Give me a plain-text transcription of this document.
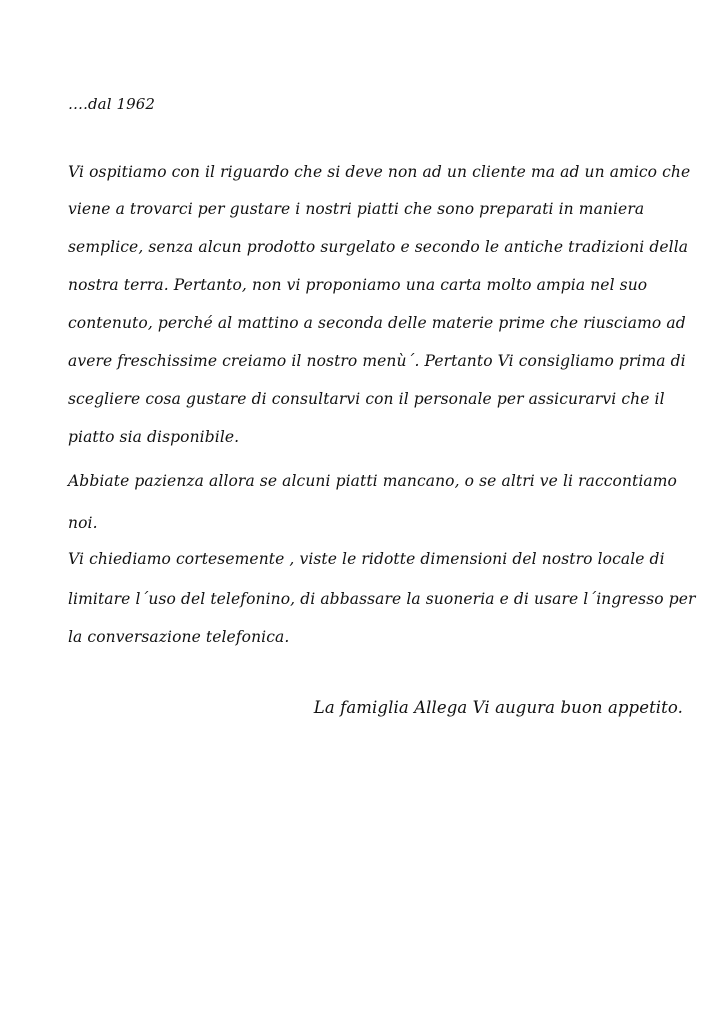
….dal 1962
Vi ospitiamo con il riguardo che si deve non ad un cliente ma ad un amico che
viene a trovarci per gustare i nostri piatti che sono preparati in maniera
semplice, senza alcun prodotto surgelato e secondo le antiche tradizioni della
nostra terra. Pertanto, non vi proponiamo una carta molto ampia nel suo
contenuto, perché al mattino a seconda delle materie prime che riusciamo ad
avere freschissime creiamo il nostro menù´. Pertanto Vi consigliamo prima di
scegliere cosa gustare di consultarvi con il personale per assicurarvi che il
piatto sia disponibile.
Abbiate pazienza allora se alcuni piatti mancano, o se altri ve li raccontiamo
noi.
Vi chiediamo cortesemente , viste le ridotte dimensioni del nostro locale di
limitare l´uso del telefonino, di abbassare la suoneria e di usare l´ingresso per
la conversazione telefonica.
La famiglia Allega Vi augura buon appetito.
